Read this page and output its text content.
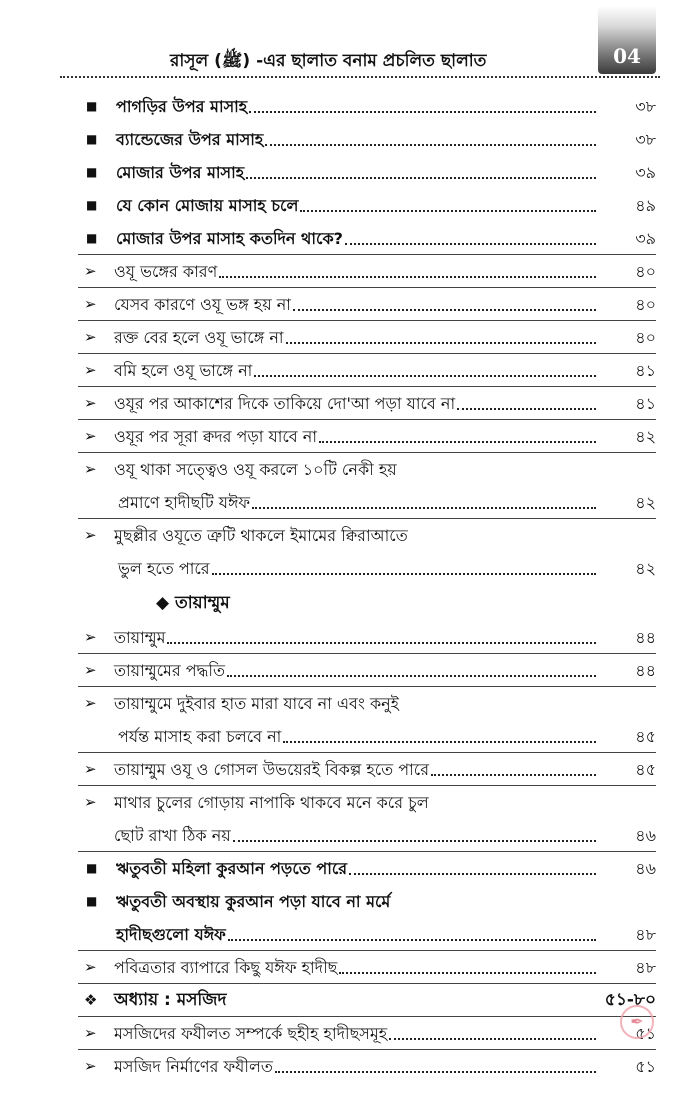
রাসূল (ﷺ) -এর ছালাত বনাম প্রচলিত ছালাত	04
■	পাগড়ির উপর মাসাহ	৩৮
■	ব্যান্ডেজের উপর মাসাহ	৩৮
■	মোজার উপর মাসাহ	৩৯
■	যে কোন মোজায় মাসাহ চলে	৪৯
■	মোজার উপর মাসাহ কতদিন থাকে?	৩৯
➢	ওযূ ভঙ্গের কারণ	৪০
➢	যেসব কারণে ওযূ ভঙ্গ হয় না	৪০
➢	রক্ত বের হলে ওযূ ভাঙ্গে না	৪০
➢	বমি হলে ওযূ ভাঙ্গে না	৪১
➢	ওযূর পর আকাশের দিকে তাকিয়ে দো'আ পড়া যাবে না	৪১
➢	ওযূর পর সূরা ক্বদর পড়া যাবে না	৪২
➢	ওযূ থাকা সত্ত্বেও ওযূ করলে ১০টি নেকী হয়
প্রমাণে হাদীছটি যঈফ	৪২
➢	মুছল্লীর ওযূতে ত্রুটি থাকলে ইমামের ক্বিরাআতে
ভুল হতে পারে	৪২
◆ তায়াম্মুম
➢	তায়াম্মুম	৪৪
➢	তায়াম্মুমের পদ্ধতি	৪৪
➢	তায়াম্মুমে দুইবার হাত মারা যাবে না এবং কনুই
পর্যন্ত মাসাহ করা চলবে না	৪৫
➢	তায়াম্মুম ওযূ ও গোসল উভয়েরই বিকল্প হতে পারে	৪৫
➢	মাথার চুলের গোড়ায় নাপাকি থাকবে মনে করে চুল
ছোট রাখা ঠিক নয়	৪৬
■	ঋতুবতী মহিলা কুরআন পড়তে পারে	৪৬
■	ঋতুবতী অবস্থায় কুরআন পড়া যাবে না মর্মে
হাদীছগুলো যঈফ	৪৮
➢	পবিত্রতার ব্যাপারে কিছু যঈফ হাদীছ	৪৮
❖ অধ্যায় : মসজিদ	৫১-৮০
➢	মসজিদের ফযীলত সম্পর্কে ছহীহ হাদীছসমূহ	৫১
➢	মসজিদ নির্মাণের ফযীলত	৫১
✒
